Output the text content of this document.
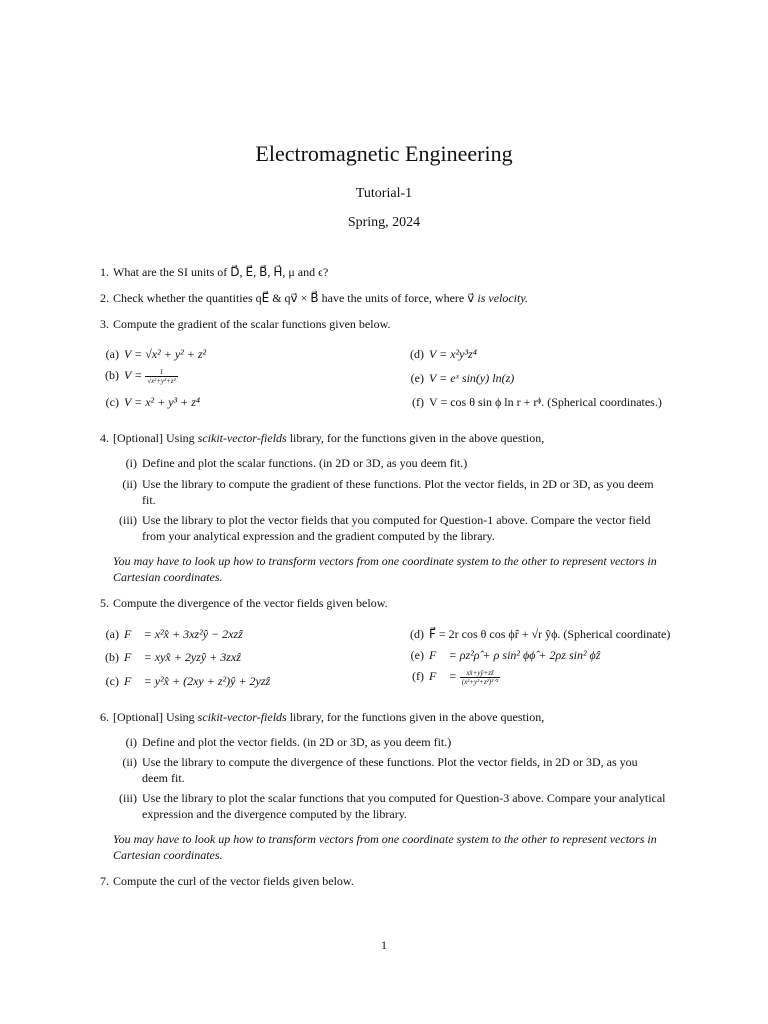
Electromagnetic Engineering
Tutorial-1
Spring, 2024
1. What are the SI units of D⃗, E⃗, B⃗, H⃗, μ and ϵ?
2. Check whether the quantities qE⃗ & qv⃗ × B⃗ have the units of force, where v⃗ is velocity.
3. Compute the gradient of the scalar functions given below.
(a) V = √x² + y² + z²
(b) $V = \frac{1}{\text{√x²+y²+z²}}$
(c) V = x² + y³ + z⁴
(d) V = x²y³z⁴
(e) V = eˣ sin(y) ln(z)
(f) V = cos θ sin ϕ ln r + rᶲ. (Spherical coordinates.)
4. [Optional] Using scikit-vector-fields library, for the functions given in the above question,
(i) Define and plot the scalar functions. (in 2D or 3D, as you deem fit.)
(ii) Use the library to compute the gradient of these functions. Plot the vector fields, in 2D or 3D, as you deem
fit.
(iii) Use the library to plot the vector fields that you computed for Question-1 above. Compare the vector field
from your analytical expression and the gradient computed by the library.
You may have to look up how to transform vectors from one coordinate system to the other to represent vectors in
Cartesian coordinates.
5. Compute the divergence of the vector fields given below.
(a) F⃗ = x²x̂ + 3xz²ŷ − 2xzẑ
(b) F⃗ = xyx̂ + 2yzŷ + 3zxẑ
(c) F⃗ = y²x̂ + (2xy + z²)ŷ + 2yzẑ
(d) F⃗ = 2r cos θ cos ϕr̂ + √r ŷϕ. (Spherical coordinate)
(e) F⃗ = ρz²ρ̂ + ρ sin² ϕϕ̂ + 2ρz sin² ϕẑ
(f) F⃗ = $\frac{\text{xx̂+yŷ+zẑ}}{\text{(x²+y²+z²)³ᐟ²}}$
6. [Optional] Using scikit-vector-fields library, for the functions given in the above question,
(i) Define and plot the vector fields. (in 2D or 3D, as you deem fit.)
(ii) Use the library to compute the divergence of these functions. Plot the vector fields, in 2D or 3D, as you
deem fit.
(iii) Use the library to plot the scalar functions that you computed for Question-3 above. Compare your analytical
expression and the divergence computed by the library.
You may have to look up how to transform vectors from one coordinate system to the other to represent vectors in
Cartesian coordinates.
7. Compute the curl of the vector fields given below.
1
